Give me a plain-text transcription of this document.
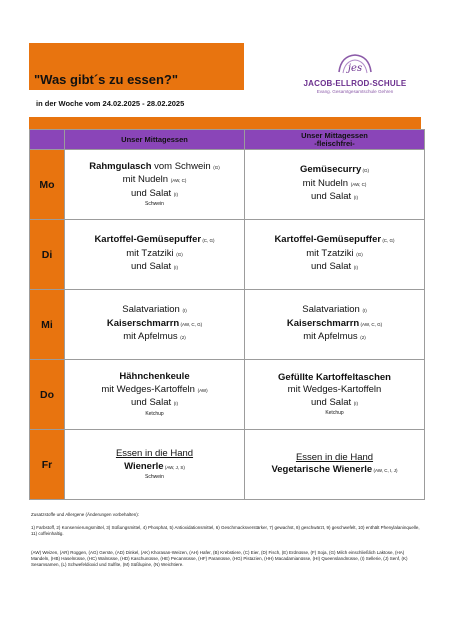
"Was gibt´s zu essen?"
in der Woche vom 24.02.2025 - 28.02.2025
jes
JACOB-ELLROD-SCHULE
Evang. Gesamtgesamtschule Gehren
	Unser Mittagessen	Unser Mittagessen
-fleischfrei-
Mo	Rahmgulasch vom Schwein (G)
mit Nudeln (AW, C)
und Salat (I)
Schwein	Gemüsecurry (G)
mit Nudeln (AW, C)
und Salat (I)
Di	Kartoffel-Gemüsepuffer (C, G)
mit Tzatziki (G)
und Salat (I)	Kartoffel-Gemüsepuffer (C, G)
mit Tzatziki (G)
und Salat (I)
Mi	Salatvariation (I)
Kaiserschmarrn (AW, C, G)
mit Apfelmus (2)	Salatvariation (I)
Kaiserschmarrn (AW, C, G)
mit Apfelmus (2)
Do	Hähnchenkeule
mit Wedges-Kartoffeln (AW)
und Salat (I)
Ketchup	Gefüllte Kartoffeltaschen
mit Wedges-Kartoffeln
und Salat (I)
Ketchup

Fr	Essen in die Hand
Wienerle (AW, J, S)
Schwein	Essen in die Hand
Vegetarische Wienerle (AW, C, I, J)
Zusatzstoffe und Allergene (Änderungen vorbehalten):
1) Farbstoff, 2) Konservierungsmittel, 3) Süßungsmittel, 4) Phosphat, 5) Antioxidationsmittel, 6) Geschmacksverstärker, 7) gewachst, 8) geschwärzt, 9) geschwefelt, 10) enthält Phenylalaninquelle, 11) coffeinhaltig.
(AW) Weizen, (AR) Roggen, (AG) Gerste, (AD) Dinkel, (AK) Khorasan-Weizen, (AH) Hafer, (B) Krebstiere, (C) Eier, (D) Fisch, (E) Erdnüsse, (F) Soja, (G) Milch einschließlich Laktose, (HA) Mandeln, (HB) Haselnüsse, (HC) Walnüsse, (HD) Kaschunüsse, (HE) Pecannüsse, (HF) Paranüsse, (HG) Pistazien, (HH) Macadamianüsse, (HI) Queenslandnüsse, (I) Sellerie, (J) Senf, (K) Sesamsamen, (L) Schwefeldioxid und Sulfite, (M) Süßlupine, (N) Weichtiere.
